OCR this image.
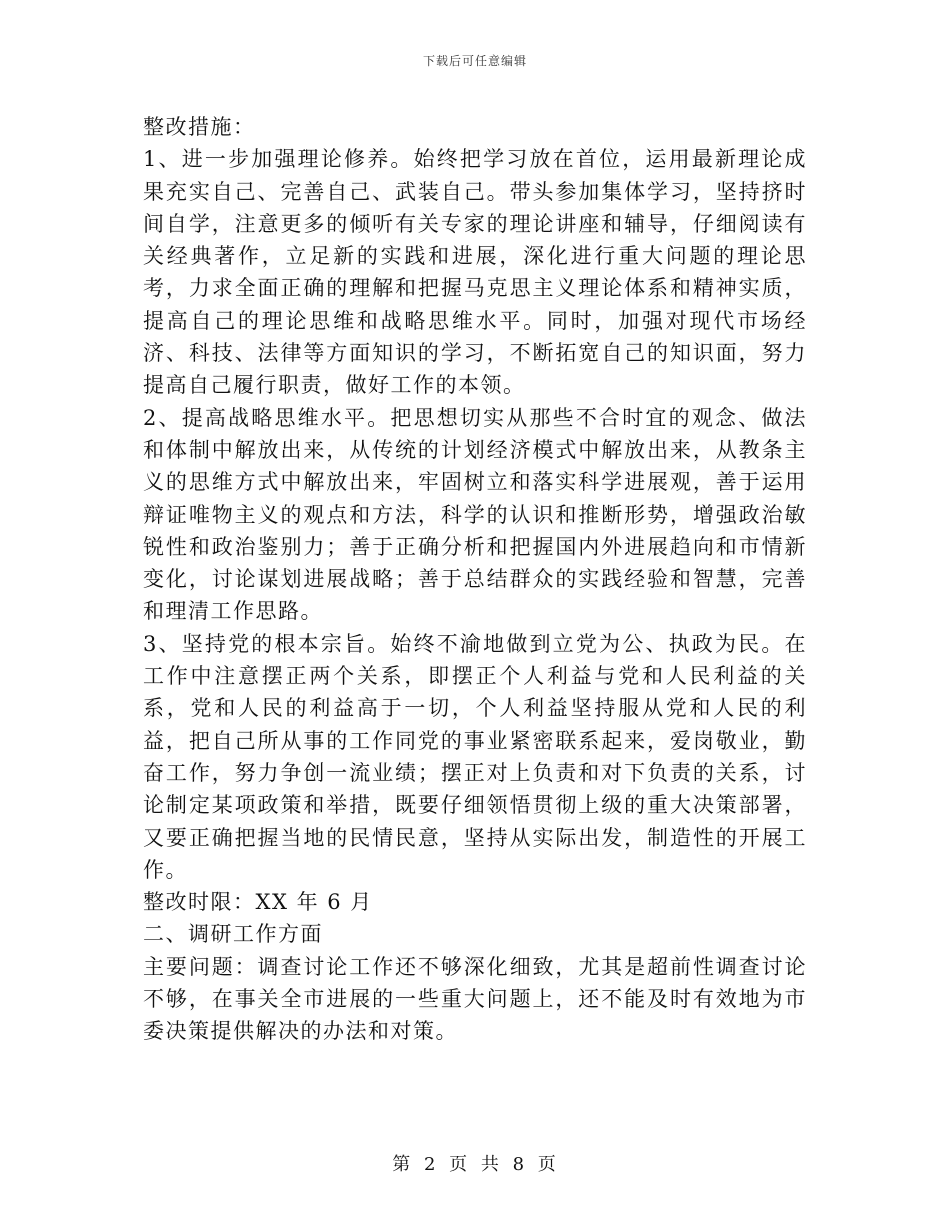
下载后可任意编辑

整改措施：

1、进一步加强理论修养。始终把学习放在首位，运用最新理论成果充实自己、完善自己、武装自己。带头参加集体学习，坚持挤时间自学，注意更多的倾听有关专家的理论讲座和辅导，仔细阅读有关经典著作，立足新的实践和进展，深化进行重大问题的理论思考，力求全面正确的理解和把握马克思主义理论体系和精神实质，提高自己的理论思维和战略思维水平。同时，加强对现代市场经济、科技、法律等方面知识的学习，不断拓宽自己的知识面，努力提高自己履行职责，做好工作的本领。

2、提高战略思维水平。把思想切实从那些不合时宜的观念、做法和体制中解放出来，从传统的计划经济模式中解放出来，从教条主义的思维方式中解放出来，牢固树立和落实科学进展观，善于运用辩证唯物主义的观点和方法，科学的认识和推断形势，增强政治敏锐性和政治鉴别力；善于正确分析和把握国内外进展趋向和市情新变化，讨论谋划进展战略；善于总结群众的实践经验和智慧，完善和理清工作思路。

3、坚持党的根本宗旨。始终不渝地做到立党为公、执政为民。在工作中注意摆正两个关系，即摆正个人利益与党和人民利益的关系，党和人民的利益高于一切，个人利益坚持服从党和人民的利益，把自己所从事的工作同党的事业紧密联系起来，爱岗敬业，勤奋工作，努力争创一流业绩；摆正对上负责和对下负责的关系，讨论制定某项政策和举措，既要仔细领悟贯彻上级的重大决策部署，又要正确把握当地的民情民意，坚持从实际出发，制造性的开展工作。

整改时限：XX 年 6 月

二、调研工作方面

主要问题：调查讨论工作还不够深化细致，尤其是超前性调查讨论不够，在事关全市进展的一些重大问题上，还不能及时有效地为市委决策提供解决的办法和对策。

第 2 页 共 8 页
